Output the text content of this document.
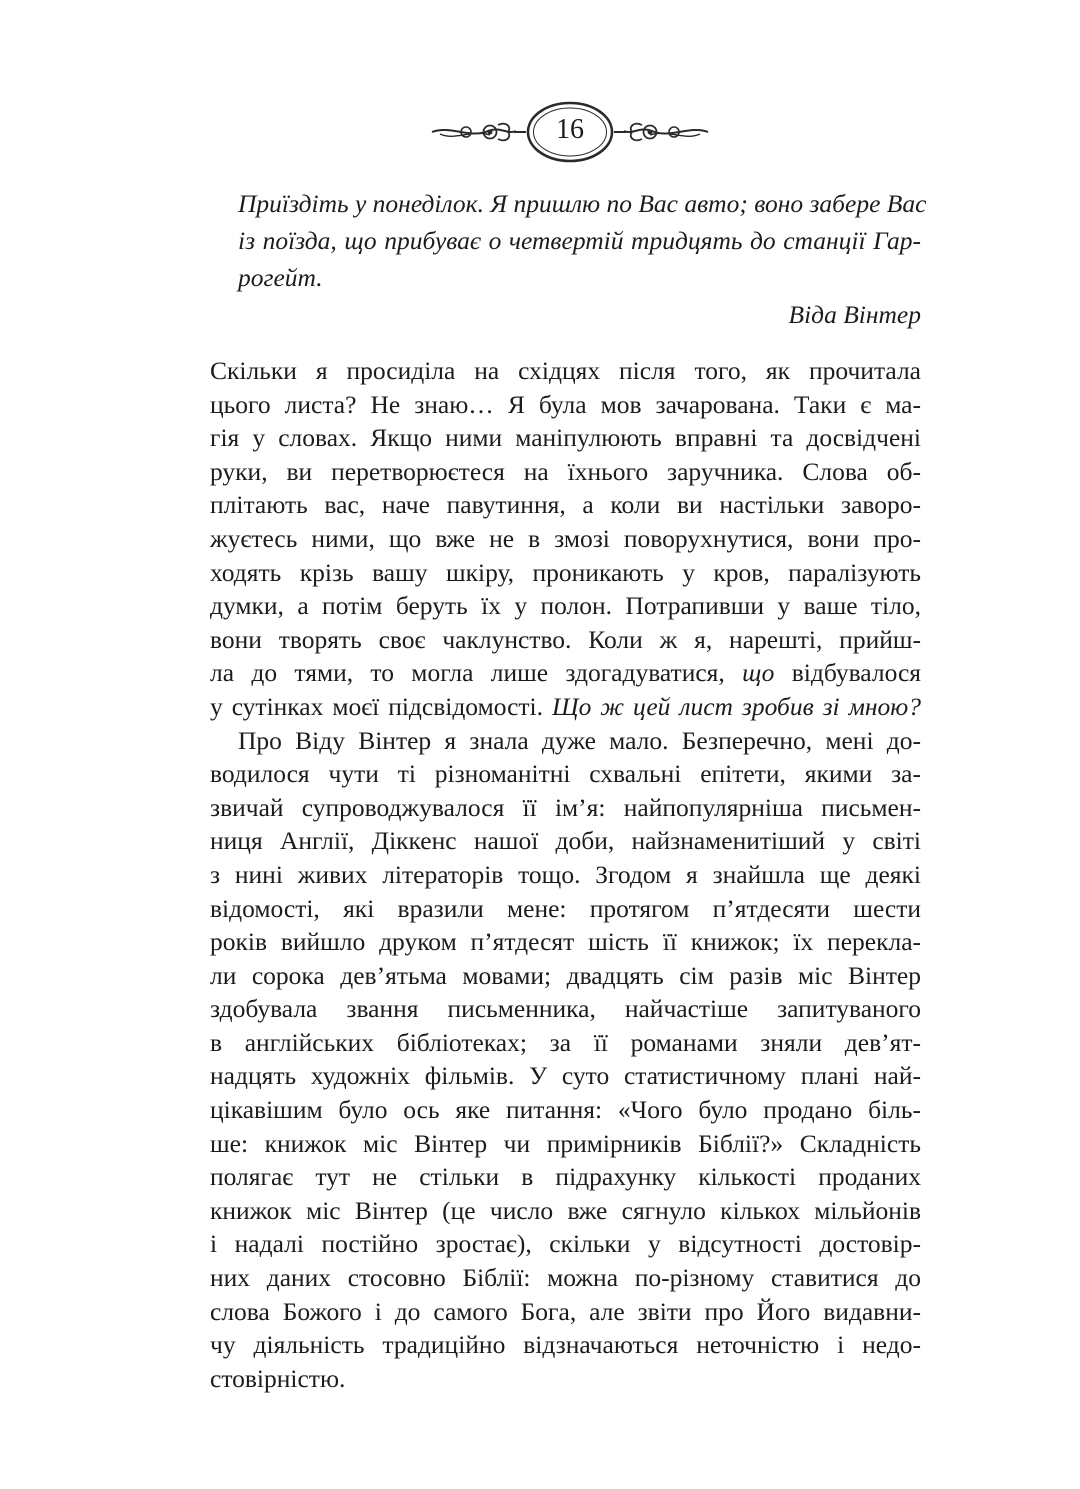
16
Приїздіть у понеділок. Я пришлю по Вас авто; воно забере Вас
із поїзда, що прибуває о четвертій тридцять до станції Гар-
рогейт.
Віда Вінтер
Скільки я просиділа на східцях після того, як прочитала
цього листа? Не знаю… Я була мов зачарована. Таки є ма-
гія у словах. Якщо ними маніпулюють вправні та досвідчені
руки, ви перетворюєтеся на їхнього заручника. Слова об-
плітають вас, наче павутиння, а коли ви настільки заворо-
жуєтесь ними, що вже не в змозі поворухнутися, вони про-
ходять крізь вашу шкіру, проникають у кров, паралізують
думки, а потім беруть їх у полон. Потрапивши у ваше тіло,
вони творять своє чаклунство. Коли ж я, нарешті, прийш-
ла до тями, то могла лише здогадуватися, що відбувалося
у сутінках моєї підсвідомості. Що ж цей лист зробив зі мною?
Про Віду Вінтер я знала дуже мало. Безперечно, мені до-
водилося чути ті різноманітні схвальні епітети, якими за-
звичай супроводжувалося її ім’я: найпопулярніша письмен-
ниця Англії, Діккенс нашої доби, найзнаменитіший у світі
з нині живих літераторів тощо. Згодом я знайшла ще деякі
відомості, які вразили мене: протягом п’ятдесяти шести
років вийшло друком п’ятдесят шість її книжок; їх перекла-
ли сорока дев’ятьма мовами; двадцять сім разів міс Вінтер
здобувала звання письменника, найчастіше запитуваного
в англійських бібліотеках; за її романами зняли дев’ят-
надцять художніх фільмів. У суто статистичному плані най-
цікавішим було ось яке питання: «Чого було продано біль-
ше: книжок міс Вінтер чи примірників Біблії?» Складність
полягає тут не стільки в підрахунку кількості проданих
книжок міс Вінтер (це число вже сягнуло кількох мільйонів
і надалі постійно зростає), скільки у відсутності достовір-
них даних стосовно Біблії: можна по-різному ставитися до
слова Божого і до самого Бога, але звіти про Його видавни-
чу діяльність традиційно відзначаються неточністю і недо-
стовірністю.
